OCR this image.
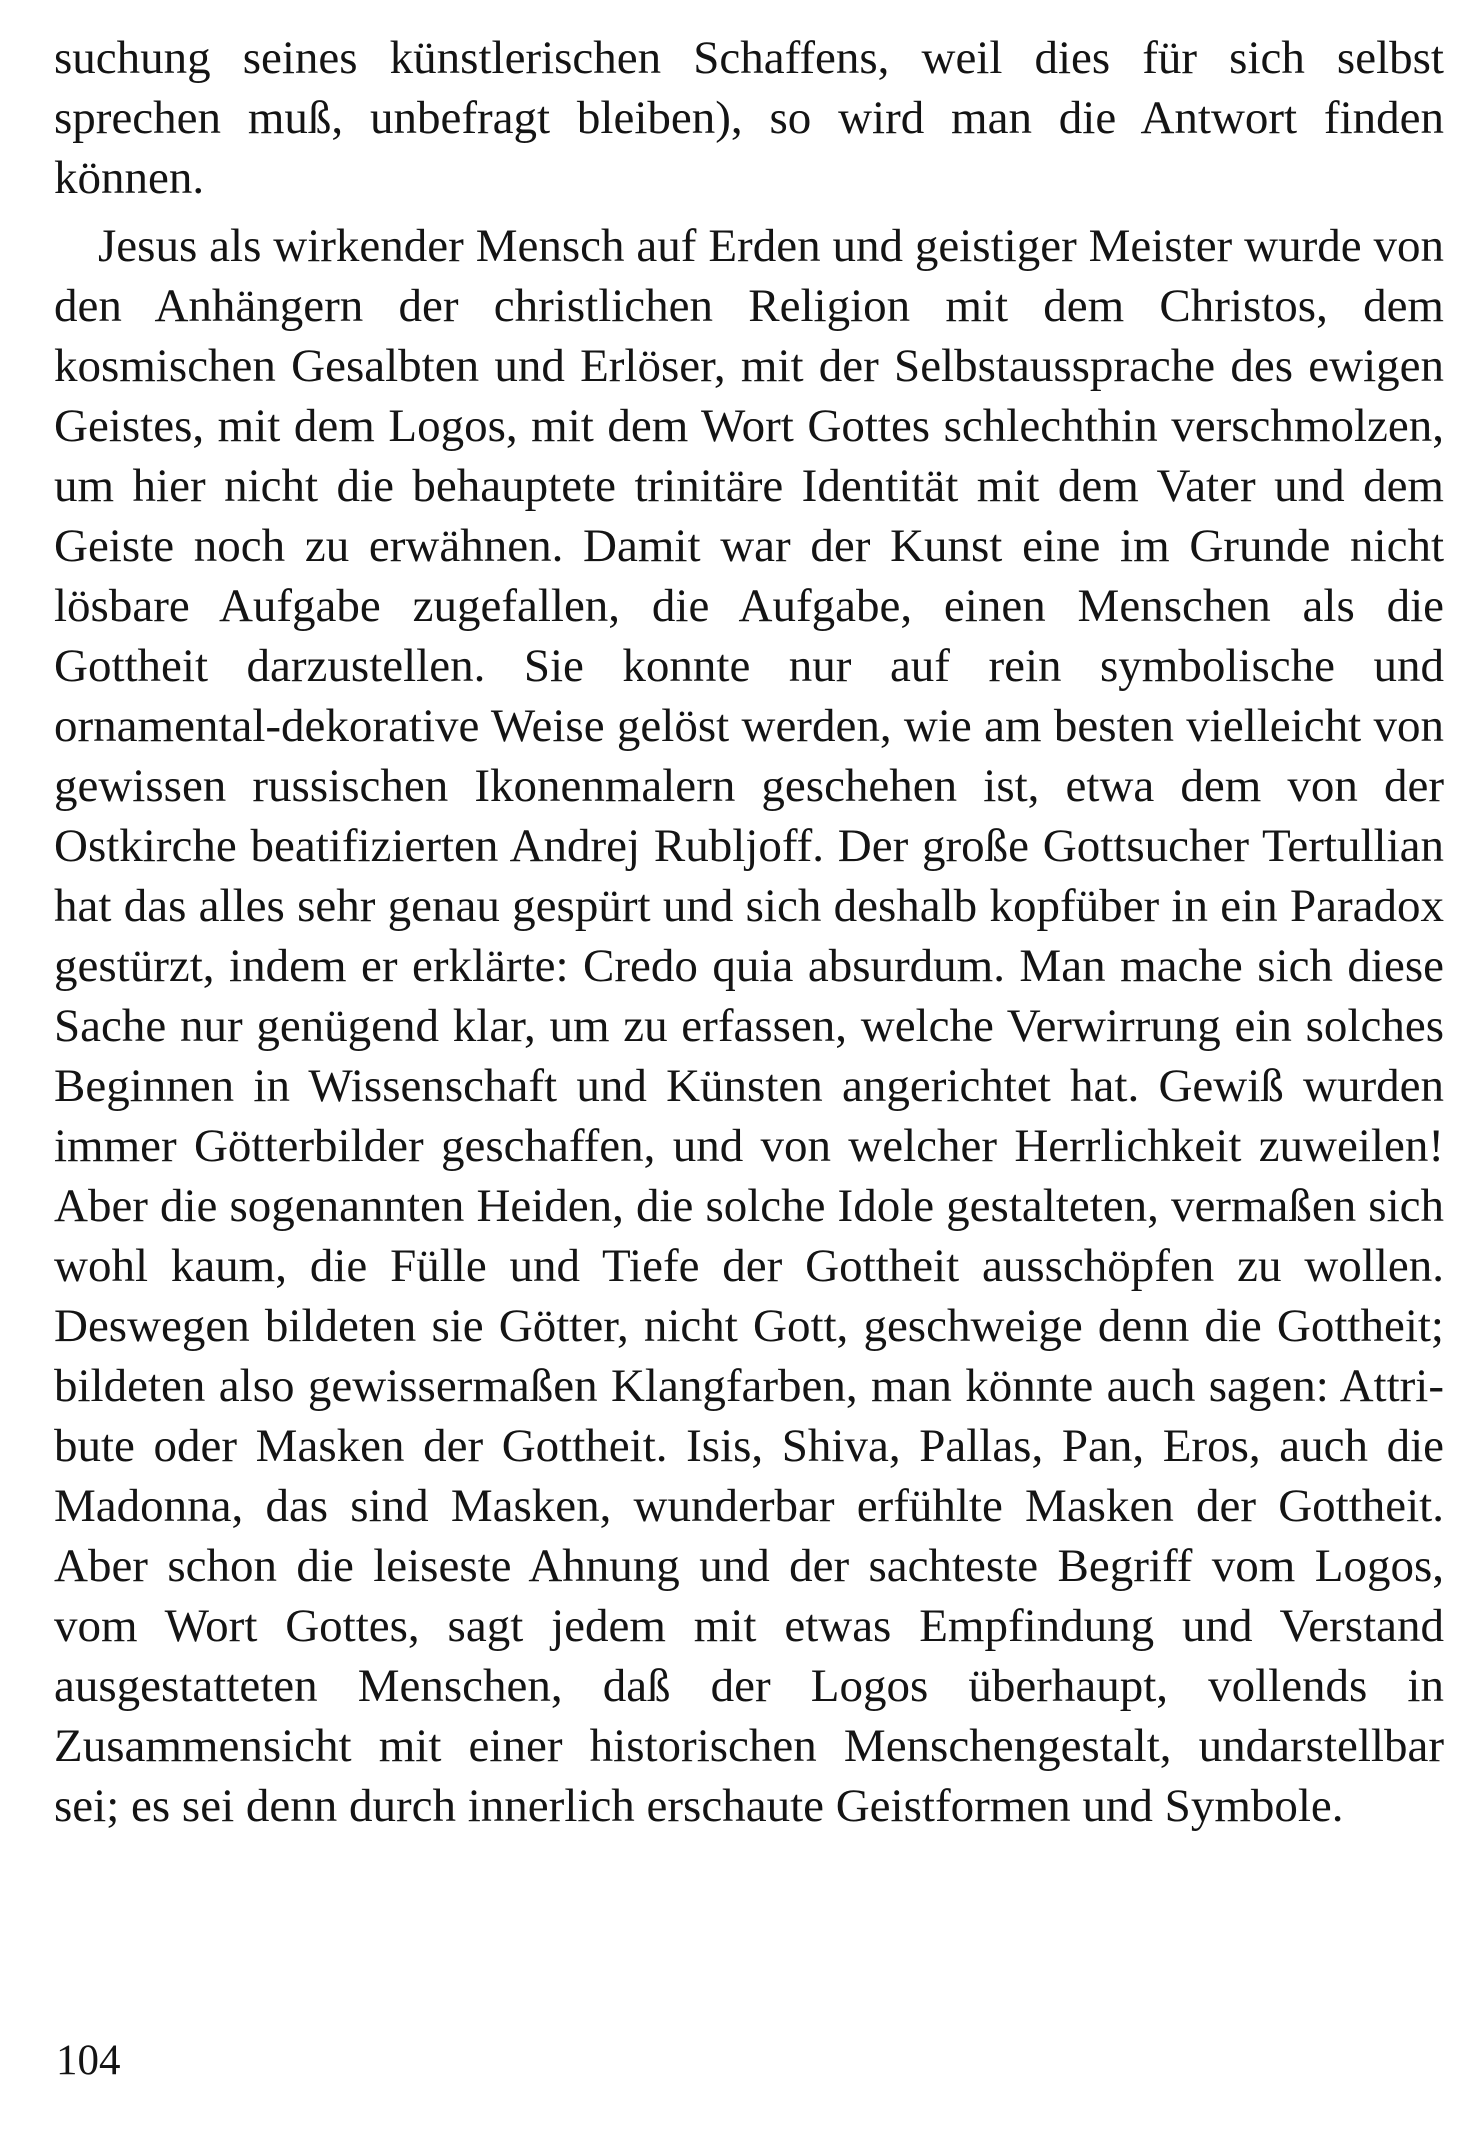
suchung seines künstlerischen Schaffens, weil dies für sich selbst sprechen muß, unbefragt bleiben), so wird man die Antwort finden können.

Jesus als wirkender Mensch auf Erden und geistiger Meister wurde von den Anhängern der christlichen Religion mit dem Christos, dem kosmischen Gesalbten und Erlöser, mit der Selbstaussprache des ewigen Geistes, mit dem Logos, mit dem Wort Gottes schlechthin verschmolzen, um hier nicht die behauptete trinitäre Identität mit dem Vater und dem Geiste noch zu erwähnen. Damit war der Kunst eine im Grunde nicht lösbare Aufgabe zugefallen, die Aufgabe, einen Menschen als die Gottheit darzustellen. Sie konnte nur auf rein symbolische und ornamental-dekorative Weise gelöst werden, wie am besten vielleicht von gewissen russischen Ikonenmalern geschehen ist, etwa dem von der Ostkirche beatifizierten Andrej Rubljoff. Der große Gottsucher Tertullian hat das alles sehr genau gespürt und sich deshalb kopfüber in ein Paradox gestürzt, indem er erklärte: Credo quia absurdum. Man mache sich diese Sache nur genügend klar, um zu erfassen, welche Verwirrung ein solches Beginnen in Wissenschaft und Künsten angerichtet hat. Gewiß wurden immer Götterbilder geschaffen, und von welcher Herrlichkeit zuweilen! Aber die sogenannten Heiden, die solche Idole gestalteten, vermaßen sich wohl kaum, die Fülle und Tiefe der Gottheit ausschöpfen zu wollen. Deswegen bildeten sie Götter, nicht Gott, geschweige denn die Gottheit; bildeten also gewissermaßen Klangfarben, man könnte auch sagen: Attribute oder Masken der Gottheit. Isis, Shiva, Pallas, Pan, Eros, auch die Madonna, das sind Masken, wunderbar erfühlte Masken der Gottheit. Aber schon die leiseste Ahnung und der sachteste Begriff vom Logos, vom Wort Gottes, sagt jedem mit etwas Empfindung und Verstand ausgestatteten Menschen, daß der Logos überhaupt, vollends in Zusammensicht mit einer historischen Menschengestalt, undarstellbar sei; es sei denn durch innerlich erschaute Geistformen und Symbole.

104
